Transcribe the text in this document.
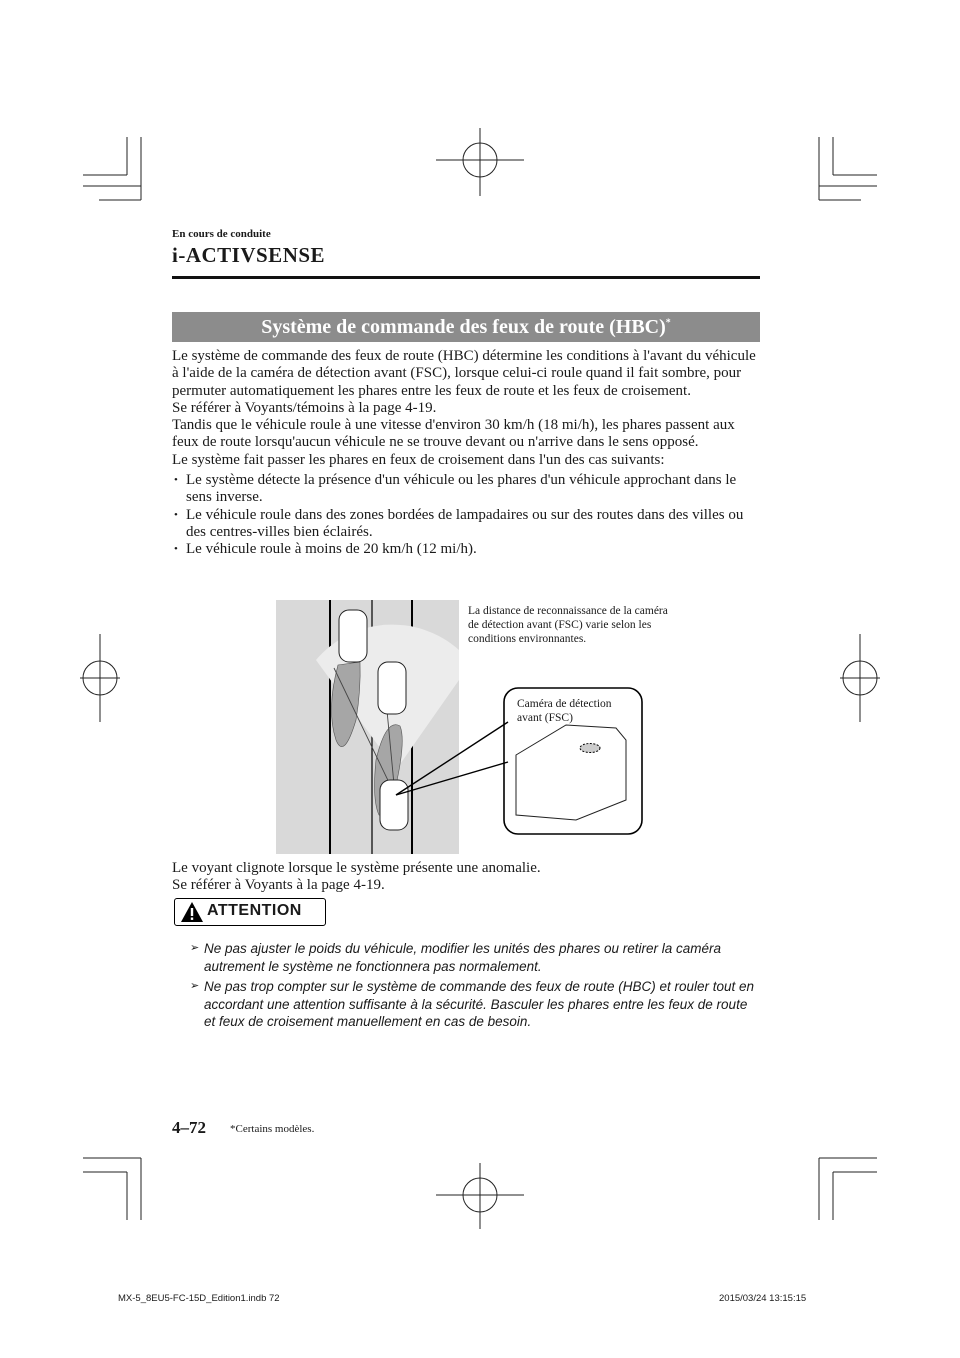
En cours de conduite
i-ACTIVSENSE
Système de commande des feux de route (HBC)*

Le système de commande des feux de route (HBC) détermine les conditions à l'avant du véhicule à l'aide de la caméra de détection avant (FSC), lorsque celui-ci roule quand il fait sombre, pour permuter automatiquement les phares entre les feux de route et les feux de croisement.

Se référer à Voyants/témoins à la page 4-19.

Tandis que le véhicule roule à une vitesse d'environ 30 km/h (18 mi/h), les phares passent aux feux de route lorsqu'aucun véhicule ne se trouve devant ou n'arrive dans le sens opposé.

Le système fait passer les phares en feux de croisement dans l'un des cas suivants:

• Le système détecte la présence d'un véhicule ou les phares d'un véhicule approchant dans le sens inverse.
• Le véhicule roule dans des zones bordées de lampadaires ou sur des routes dans des villes ou des centres-villes bien éclairés.
• Le véhicule roule à moins de 20 km/h (12 mi/h).
La distance de reconnaissance de la caméra de détection avant (FSC) varie selon les conditions environnantes.
Caméra de détection avant (FSC)

Le voyant clignote lorsque le système présente une anomalie.

Se référer à Voyants à la page 4-19.

ATTENTION
➢ Ne pas ajuster le poids du véhicule, modifier les unités des phares ou retirer la caméra autrement le système ne fonctionnera pas normalement.
➢ Ne pas trop compter sur le système de commande des feux de route (HBC) et rouler tout en accordant une attention suffisante à la sécurité. Basculer les phares entre les feux de route et feux de croisement manuellement en cas de besoin.
4–72 *Certains modèles.
MX-5_8EU5-FC-15D_Edition1.indb 72	2015/03/24 13:15:15
